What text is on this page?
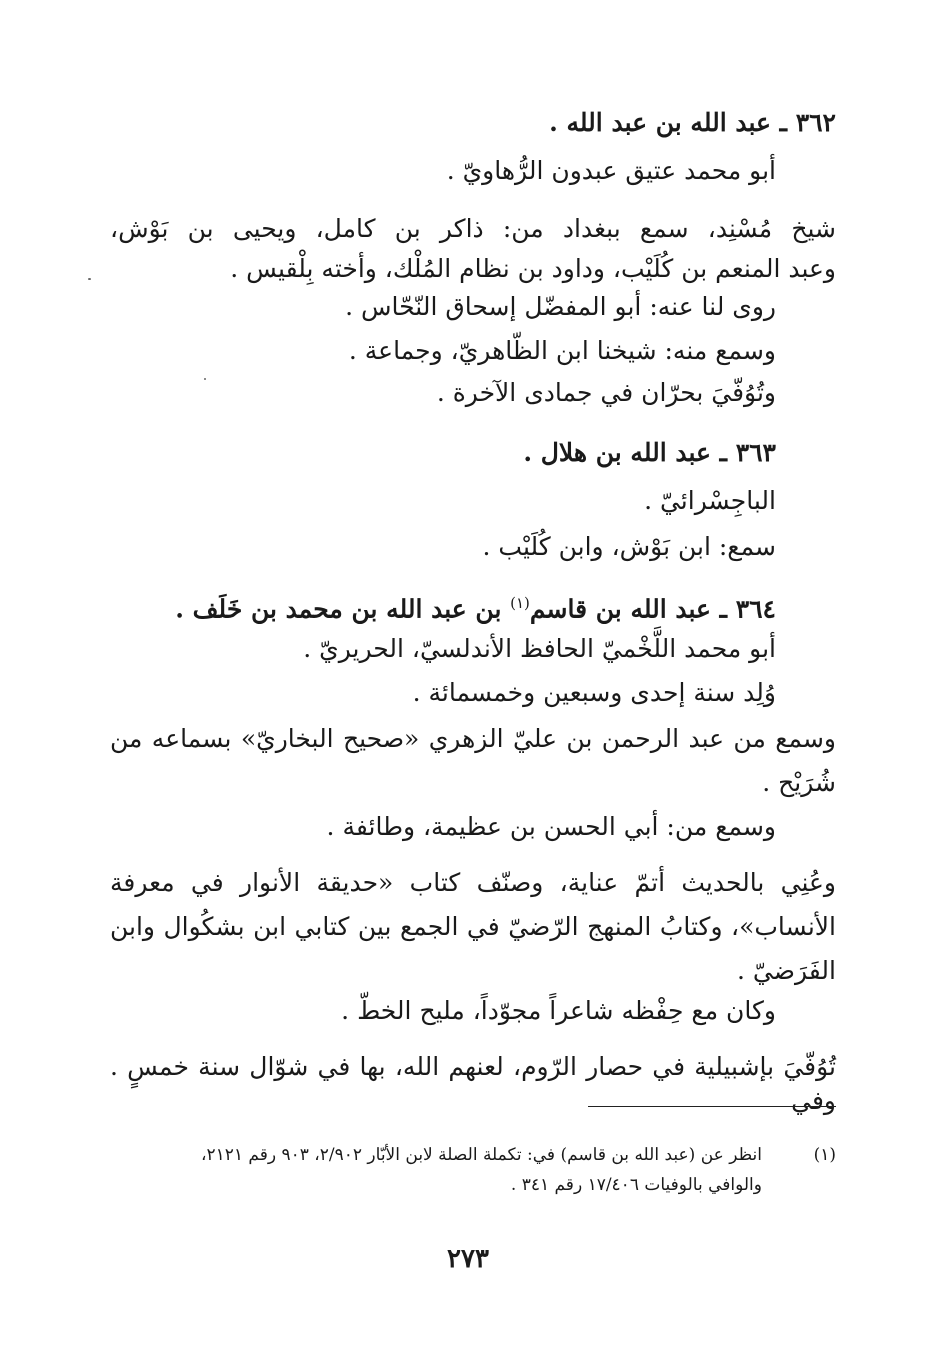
٣٦٢ ـ عبد الله بن عبد الله .
أبو محمد عتيق عبدون الرُّهاويّ .
شيخ مُسْنِد، سمع ببغداد من: ذاكر بن كامل، ويحيى بن بَوْش،
وعبد المنعم بن كُلَيْب، وداود بن نظام المُلْك، وأخته بِلْقيس .
روى لنا عنه: أبو المفضّل إسحاق النّحّاس .
وسمع منه: شيخنا ابن الظّاهريّ، وجماعة .
وتُوُفّيَ بحرّان في جمادى الآخرة .
٣٦٣ ـ عبد الله بن هلال .
الباجِسْرائيّ .
سمع: ابن بَوْش، وابن كُلَيْب .
٣٦٤ ـ عبد الله بن قاسم$^{(١)}$ بن عبد الله بن محمد بن خَلَف .
أبو محمد اللَّخْميّ الحافظ الأندلسيّ، الحريريّ .
وُلِد سنة إحدى وسبعين وخمسمائة .
وسمع من عبد الرحمن بن عليّ الزهري «صحيح البخاريّ» بسماعه من
شُرَيْح .
وسمع من: أبي الحسن بن عظيمة، وطائفة .
وعُنِي بالحديث أتمّ عناية، وصنّف كتاب «حديقة الأنوار في معرفة
الأنساب»، وكتابُ المنهج الرّضيّ في الجمع بين كتابي ابن بشكُوال وابن
الفَرَضيّ .
وكان مع حِفْظه شاعراً مجوّداً، مليح الخطّ .
تُوُفّيَ بإشبيلية في حصار الرّوم، لعنهم الله، بها في شوّال سنة خمسٍ . وفي
(١)
انظر عن (عبد الله بن قاسم) في: تكملة الصلة لابن الأبّار ٢/٩٠٢، ٩٠٣ رقم ٢١٢١،
والوافي بالوفيات ١٧/٤٠٦ رقم ٣٤١ .
٢٧٣
